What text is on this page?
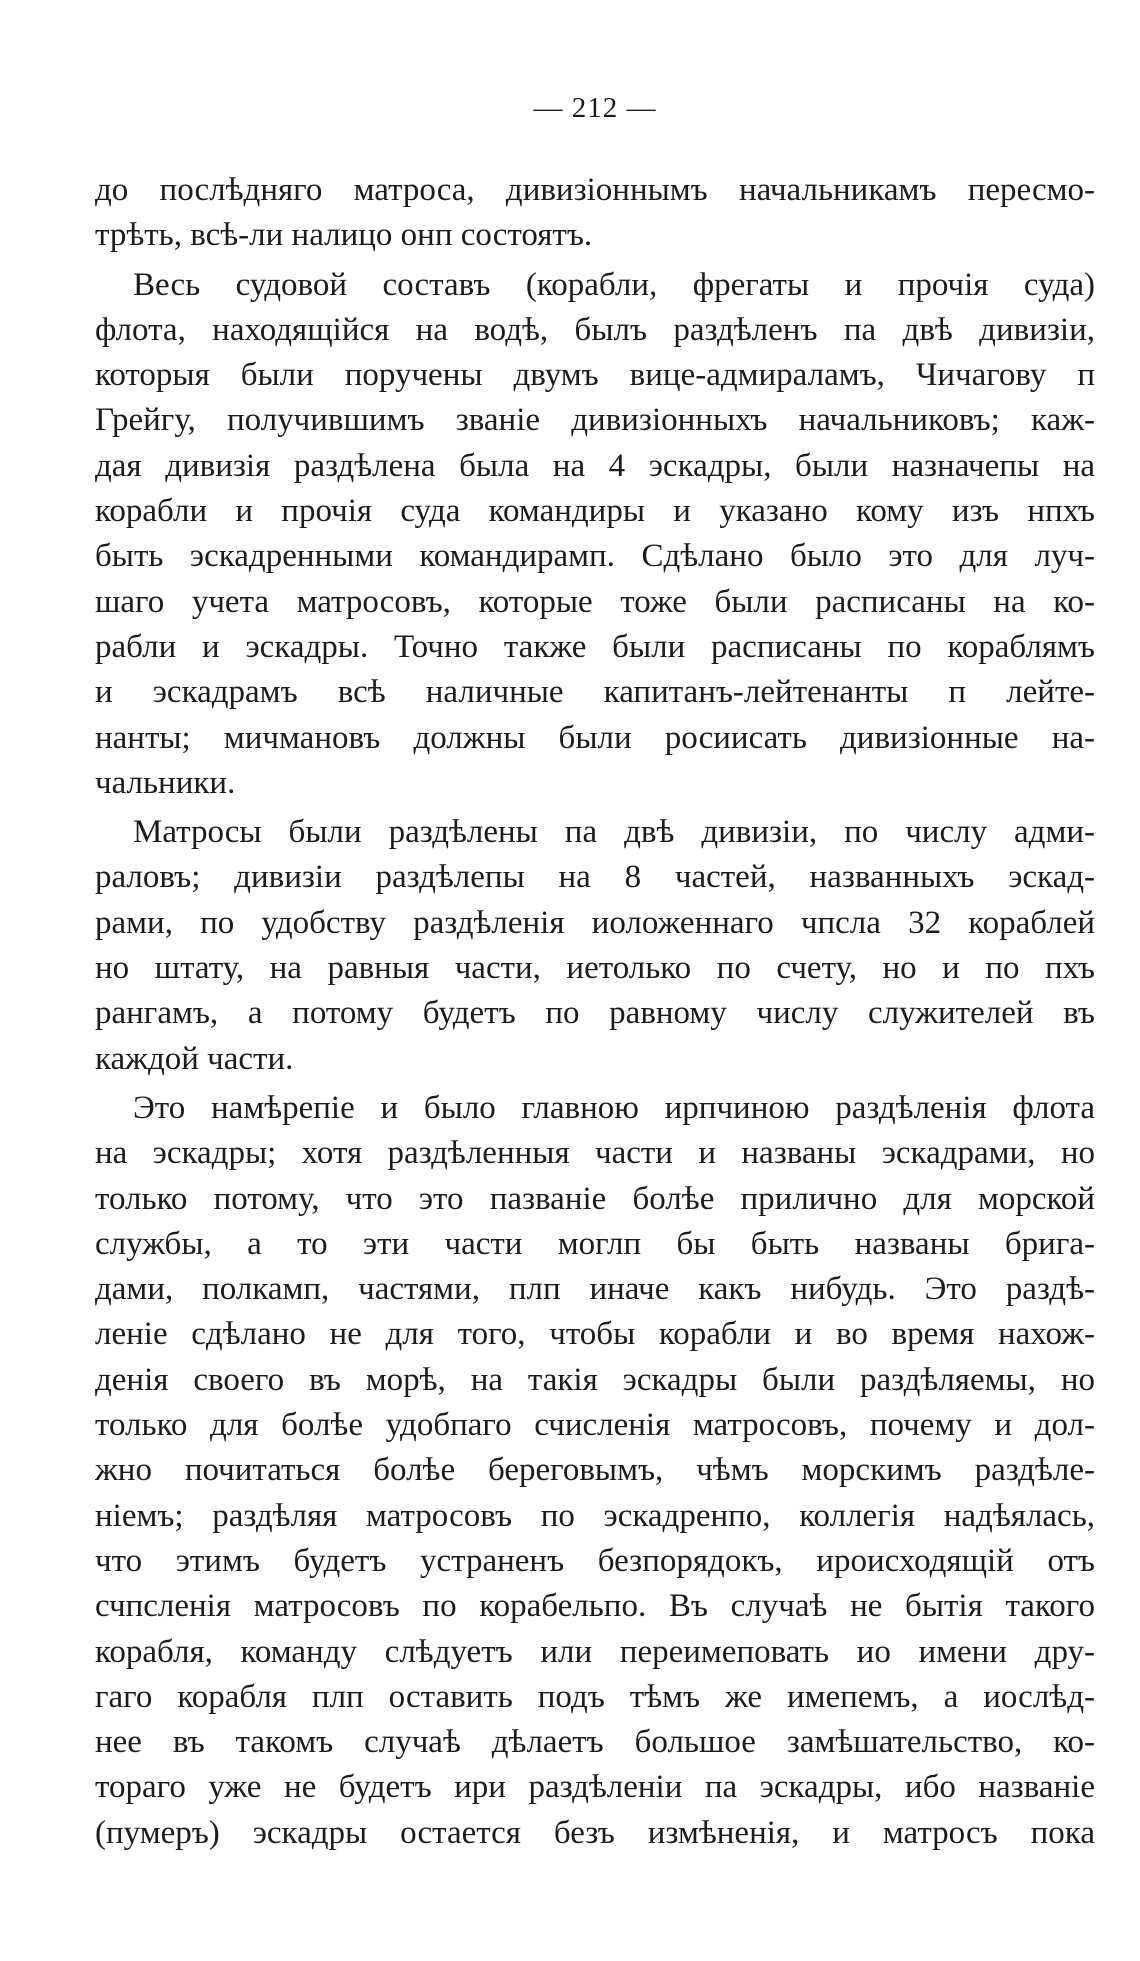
— 212 —
до послѣдняго матроса, дивизіоннымъ начальникамъ пересмо-
трѣть, всѣ-ли налицо онп состоятъ.
Весь судовой составъ (корабли, фрегаты и прочія суда)
флота, находящійся на водѣ, былъ раздѣленъ па двѣ дивизіи,
которыя были поручены двумъ вице-адмираламъ, Чичагову п
Грейгу, получившимъ званіе дивизіонныхъ начальниковъ; каж-
дая дивизія раздѣлена была на 4 эскадры, были назначепы на
корабли и прочія суда командиры и указано кому изъ нпхъ
быть эскадренными командирамп. Сдѣлано было это для луч-
шаго учета матросовъ, которые тоже были расписаны на ко-
рабли и эскадры. Точно также были расписаны по кораблямъ
и эскадрамъ всѣ наличные капитанъ-лейтенанты п лейте-
нанты; мичмановъ должны были росиисать дивизіонные на-
чальники.
Матросы были раздѣлены па двѣ дивизіи, по числу адми-
раловъ; дивизіи раздѣлепы на 8 частей, названныхъ эскад-
рами, по удобству раздѣленія иоложеннаго чпсла 32 кораблей
но штату, на равныя части, иетолько по счету, но и по пхъ
рангамъ, а потому будетъ по равному числу служителей въ
каждой части.
Это намѣрепіе и было главною ирпчиною раздѣленія флота
на эскадры; хотя раздѣленныя части и названы эскадрами, но
только потому, что это пазваніе болѣе прилично для морской
службы, а то эти части моглп бы быть названы брига-
дами, полкамп, частями, плп иначе какъ нибудь. Это раздѣ-
леніе сдѣлано не для того, чтобы корабли и во время нахож-
денія своего въ морѣ, на такія эскадры были раздѣляемы, но
только для болѣе удобпаго счисленія матросовъ, почему и дол-
жно почитаться болѣе береговымъ, чѣмъ морскимъ раздѣле-
ніемъ; раздѣляя матросовъ по эскадренпо, коллегія надѣялась,
что этимъ будетъ устраненъ безпорядокъ, ироисходящій отъ
счпсленія матросовъ по корабельпо. Въ случаѣ не бытія такого
корабля, команду слѣдуетъ или переимеповать ио имени дру-
гаго корабля плп оставить подъ тѣмъ же имепемъ, а иослѣд-
нее въ такомъ случаѣ дѣлаетъ большое замѣшательство, ко-
тораго уже не будетъ ири раздѣленіи па эскадры, ибо названіе
(пумеръ) эскадры остается безъ измѣненія, и матросъ пока
